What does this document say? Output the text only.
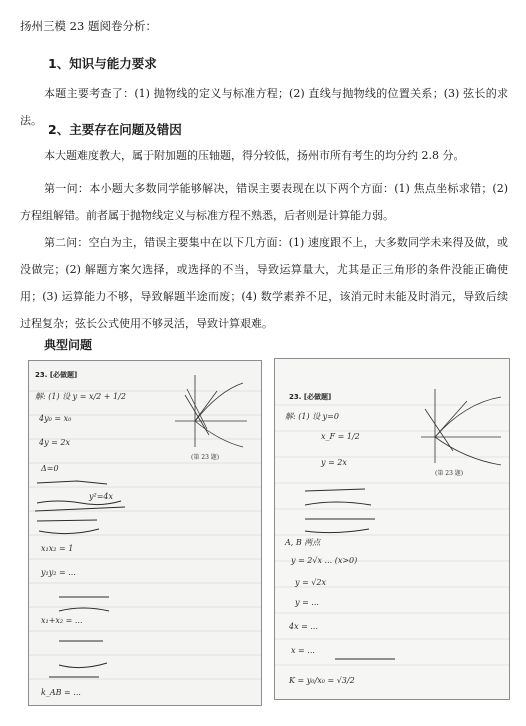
扬州三模 23 题阅卷分析：
1、知识与能力要求

本题主要考查了：(1) 抛物线的定义与标准方程；(2) 直线与抛物线的位置关系；(3) 弦长的求法。

2、主要存在问题及错因

本大题难度教大，属于附加题的压轴题，得分较低，扬州市所有考生的均分约 2.8 分。

第一问：本小题大多数同学能够解决，错误主要表现在以下两个方面：(1) 焦点坐标求错；(2) 方程组解错。前者属于抛物线定义与标准方程不熟悉，后者则是计算能力弱。

第二问：空白为主，错误主要集中在以下几方面：(1) 速度跟不上，大多数同学未来得及做，或没做完；(2) 解题方案欠选择，或选择的不当，导致运算量大，尤其是正三角形的条件没能正确使用；(3) 运算能力不够，导致解题半途而废；(4) 数学素养不足，该消元时未能及时消元，导致后续过程复杂；弦长公式使用不够灵活，导致计算艰难。

典型问题
23. [必做题]
(第 23 题)
解: (1) 设 y = x/2 + 1/2
4y₀ = x₀
4y = 2x
y²=4x
Δ=0
x₁x₂ = 1
y₁y₂ = ...
x₁+x₂ = ...
k_AB = ...
23. [必做题]
(第 23 题)
解: (1) 设 y=0
x_F = 1/2
y = 2x
A, B 两点
y = 2√x ... (x>0)
y = √2x
y = ...
4x = ...
x = ...
K = y₀/x₀ = √3/2
